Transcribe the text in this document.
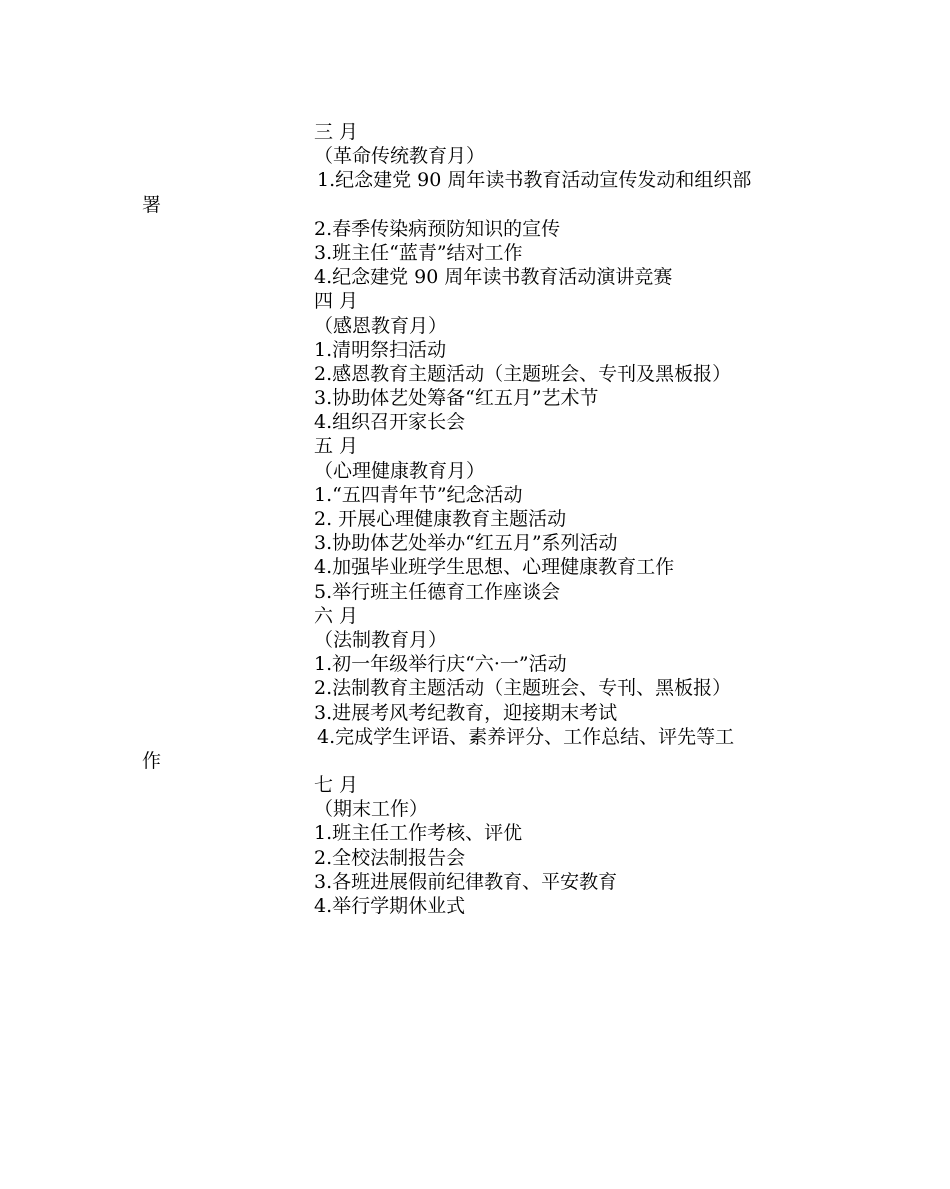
三 月
（革命传统教育月）
1.纪念建党 90 周年读书教育活动宣传发动和组织部
署
2.春季传染病预防知识的宣传
3.班主任“蓝青”结对工作
4.纪念建党 90 周年读书教育活动演讲竞赛
四 月
（感恩教育月）
1.清明祭扫活动
2.感恩教育主题活动（主题班会、专刊及黑板报）
3.协助体艺处筹备“红五月”艺术节
4.组织召开家长会
五 月
（心理健康教育月）
1.“五四青年节”纪念活动
2. 开展心理健康教育主题活动
3.协助体艺处举办“红五月”系列活动
4.加强毕业班学生思想、心理健康教育工作
5.举行班主任德育工作座谈会
六 月
（法制教育月）
1.初一年级举行庆“六·一”活动
2.法制教育主题活动（主题班会、专刊、黑板报）
3.进展考风考纪教育，迎接期末考试
4.完成学生评语、素养评分、工作总结、评先等工
作
七 月
（期末工作）
1.班主任工作考核、评优
2.全校法制报告会
3.各班进展假前纪律教育、平安教育
4.举行学期休业式
